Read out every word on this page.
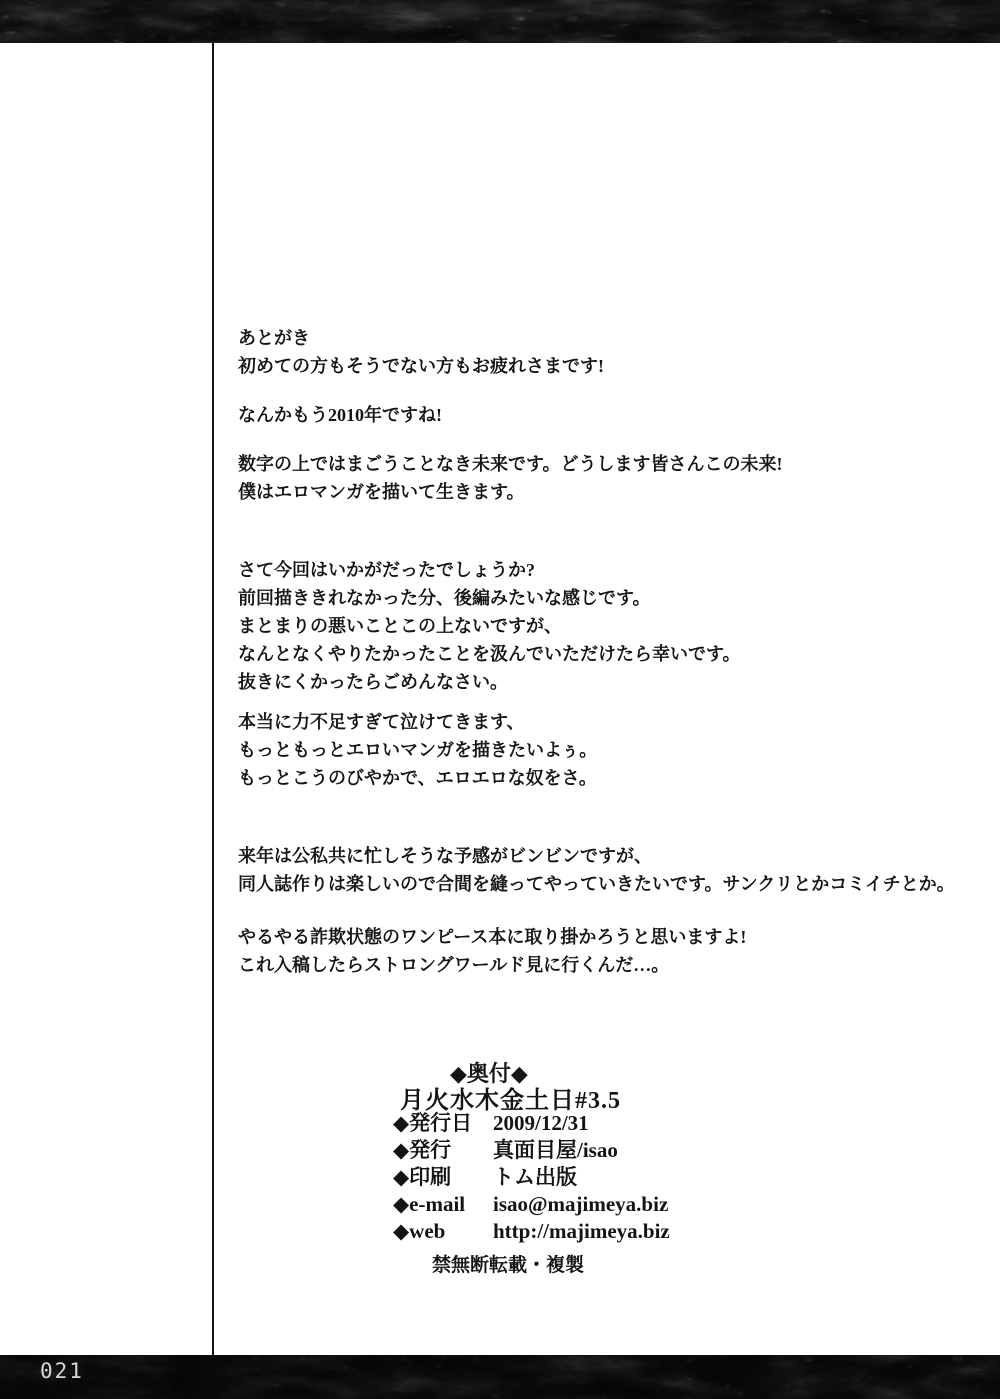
あとがき
初めての方もそうでない方もお疲れさまです!
なんかもう2010年ですね!
数字の上ではまごうことなき未来です。どうします皆さんこの未来!
僕はエロマンガを描いて生きます。
さて今回はいかがだったでしょうか?
前回描ききれなかった分、後編みたいな感じです。
まとまりの悪いことこの上ないですが、
なんとなくやりたかったことを汲んでいただけたら幸いです。
抜きにくかったらごめんなさい。
本当に力不足すぎて泣けてきます、
もっともっとエロいマンガを描きたいよぅ。
もっとこうのびやかで、エロエロな奴をさ。
来年は公私共に忙しそうな予感がビンビンですが、
同人誌作りは楽しいので合間を縫ってやっていきたいです。サンクリとかコミイチとか。
やるやる詐欺状態のワンピース本に取り掛かろうと思いますよ!
これ入稿したらストロングワールド見に行くんだ…。
◆奥付◆
月火水木金土日#3.5
◆発行日 2009/12/31
◆発行	真面目屋/isao
◆印刷	トム出版
◆e-mail	isao@majimeya.biz
◆web	http://majimeya.biz
禁無断転載・複製
021
